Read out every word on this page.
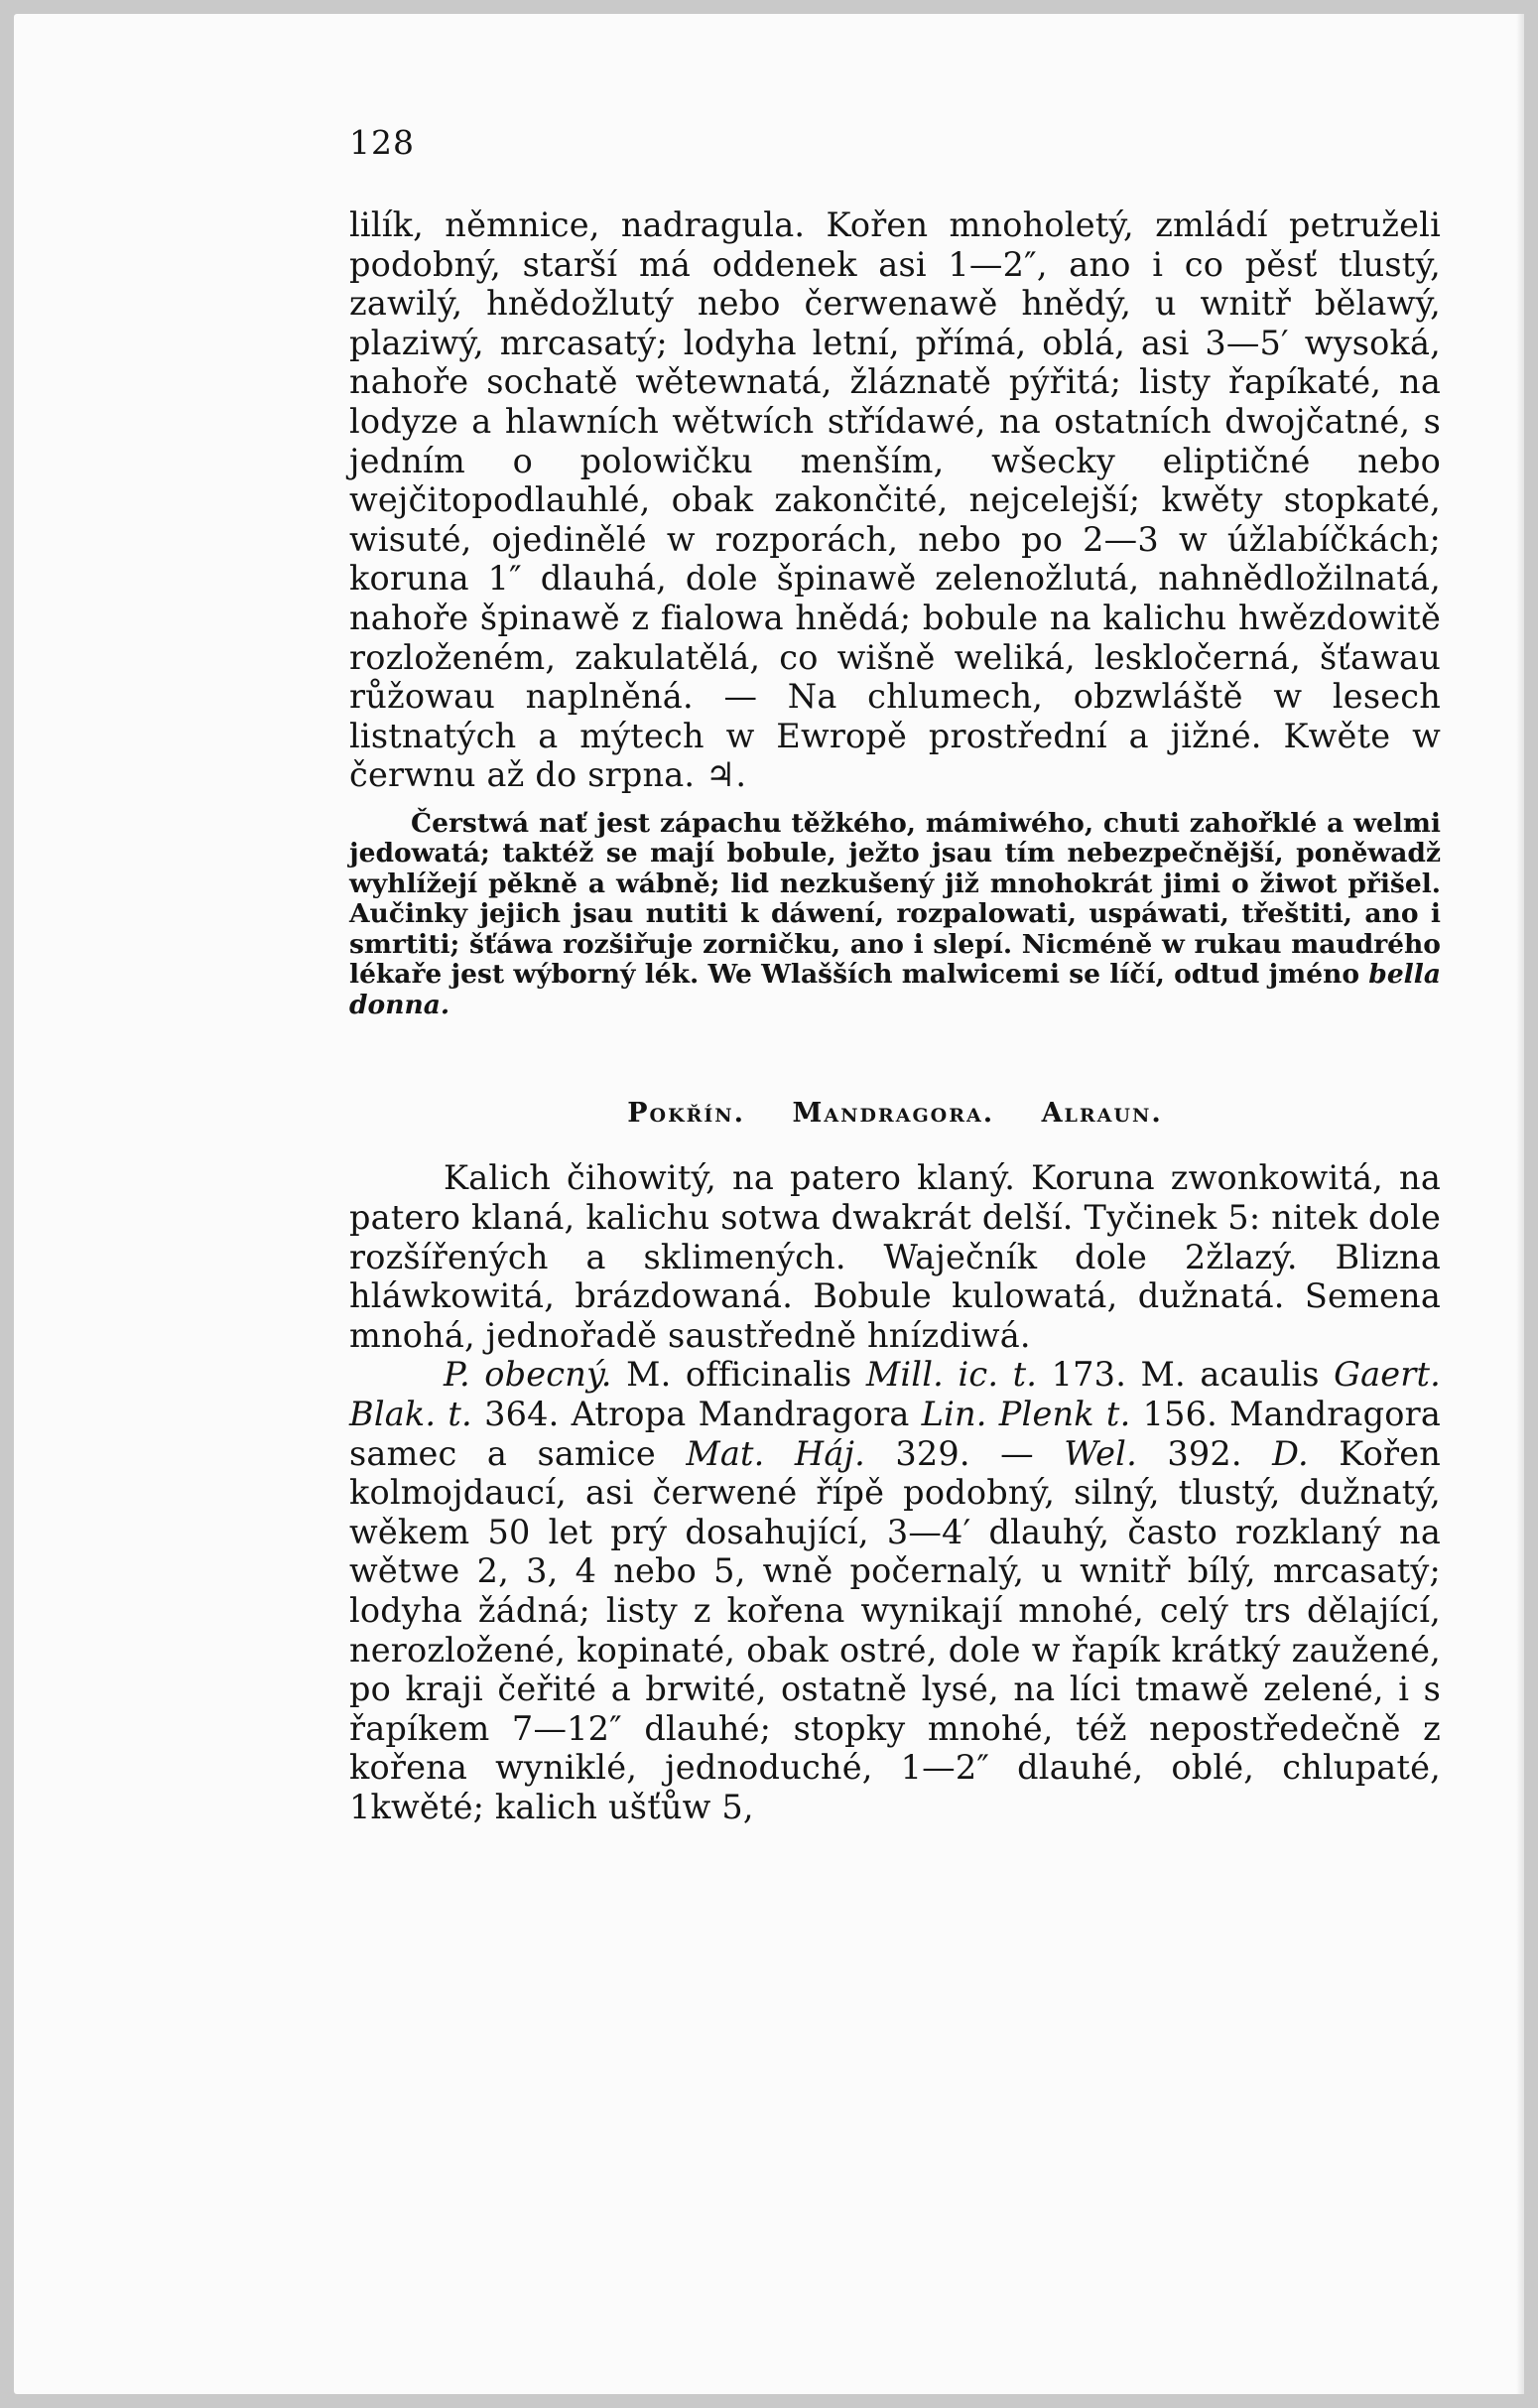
128

lilík, němnice, nadragula. Kořen mnoholetý, zmládí petruželi podobný, starší má oddenek asi 1—2″, ano i co pěsť tlustý, zawilý, hnědožlutý nebo čerwenawě hnědý, u wnitř bělawý, plaziwý, mrcasatý; lodyha letní, přímá, oblá, asi 3—5′ wysoká, nahoře sochatě wětewnatá, žláznatě pýřitá; listy řapíkaté, na lodyze a hlawních wětwích střídawé, na ostatních dwojčatné, s jedním o polowičku menším, wšecky eliptičné nebo wejčitopodlauhlé, obak zakončité, nejcelejší; kwěty stopkaté, wisuté, ojedinělé w rozporách, nebo po 2—3 w úžlabíčkách; koruna 1″ dlauhá, dole špinawě zelenožlutá, nahnědložilnatá, nahoře špinawě z fialowa hnědá; bobule na kalichu hwězdowitě rozloženém, zakulatělá, co wišně weliká, leskločerná, šťawau růžowau naplněná. — Na chlumech, obzwláště w lesech listnatých a mýtech w Ewropě prostřední a jižné. Kwěte w čerwnu až do srpna. ♃.

Čerstwá nať jest zápachu těžkého, mámiwého, chuti zahořklé a welmi jedowatá; taktéž se mají bobule, ježto jsau tím nebezpečnější, poněwadž wyhlížejí pěkně a wábně; lid nezkušený již mnohokrát jimi o žiwot přišel. Aučinky jejich jsau nutiti k dáwení, rozpalowati, uspáwati, třeštiti, ano i smrtiti; šťáwa rozšiřuje zorničku, ano i slepí. Nicméně w rukau maudrého lékaře jest wýborný lék. We Wlašších malwicemi se líčí, odtud jméno bella donna.

Pokřín. Mandragora. Alraun.

Kalich čihowitý, na patero klaný. Koruna zwonkowitá, na patero klaná, kalichu sotwa dwakrát delší. Tyčinek 5: nitek dole rozšířených a sklimených. Waječník dole 2žlazý. Blizna hláwkowitá, brázdowaná. Bobule kulowatá, dužnatá. Semena mnohá, jednořadě saustředně hnízdiwá.

P. obecný. M. officinalis Mill. ic. t. 173. M. acaulis Gaert. Blak. t. 364. Atropa Mandragora Lin. Plenk t. 156. Mandragora samec a samice Mat. Háj. 329. — Wel. 392. D. Kořen kolmojdaucí, asi čerwené řípě podobný, silný, tlustý, dužnatý, wěkem 50 let prý dosahující, 3—4′ dlauhý, často rozklaný na wětwe 2, 3, 4 nebo 5, wně počernalý, u wnitř bílý, mrcasatý; lodyha žádná; listy z kořena wynikají mnohé, celý trs dělající, nerozložené, kopinaté, obak ostré, dole w řapík krátký zaužené, po kraji čeřité a brwité, ostatně lysé, na líci tmawě zelené, i s řapíkem 7—12″ dlauhé; stopky mnohé, též nepostředečně z kořena wyniklé, jednoduché, 1—2″ dlauhé, oblé, chlupaté, 1kwěté; kalich ušťůw 5,
